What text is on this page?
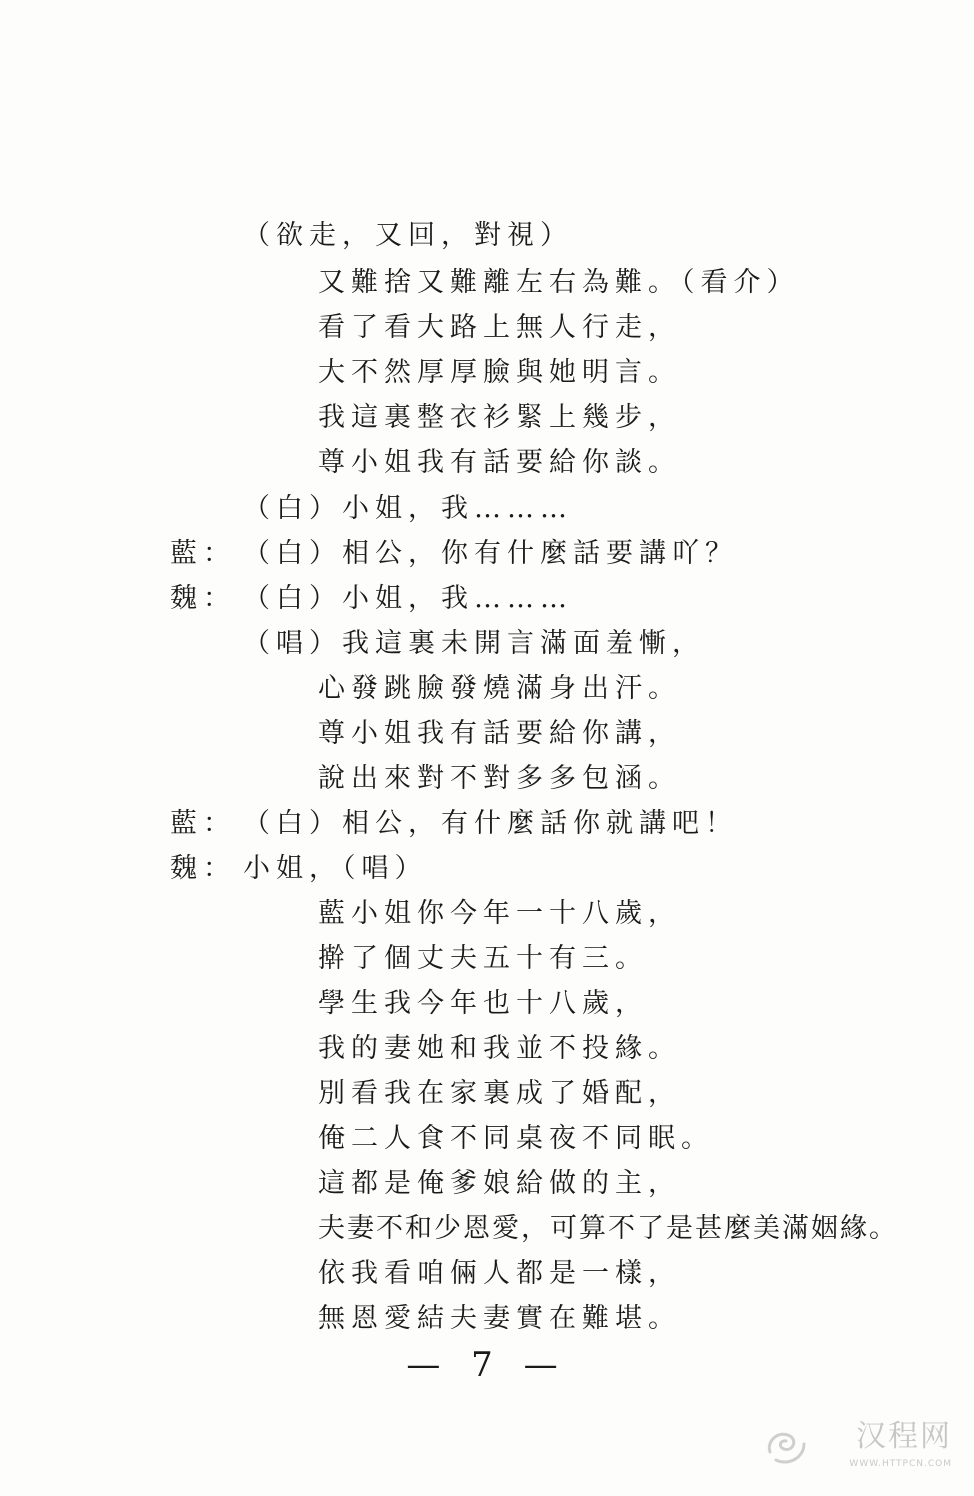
（欲走，又回，對視）
又難捨又難離左右為難。（看介）
看了看大路上無人行走，
大不然厚厚臉與她明言。
我這裏整衣衫緊上幾步，
尊小姐我有話要給你談。
（白）小姐，我………
藍： （白）相公，你有什麼話要講吖？
魏： （白）小姐，我………
（唱）我這裏未開言滿面羞慚，
心發跳臉發燒滿身出汗。
尊小姐我有話要給你講，
說出來對不對多多包涵。
藍： （白）相公，有什麼話你就講吧！
魏： 小姐，（唱）
藍小姐你今年一十八歲，
擀了個丈夫五十有三。
學生我今年也十八歲，
我的妻她和我並不投緣。
別看我在家裏成了婚配，
俺二人食不同桌夜不同眠。
這都是俺爹娘給做的主，
夫妻不和少恩愛，可算不了是甚麼美滿姻緣。
依我看咱倆人都是一樣，
無恩愛結夫妻實在難堪。
— 7 —
汉程网
WWW.HTTPCN.COM
